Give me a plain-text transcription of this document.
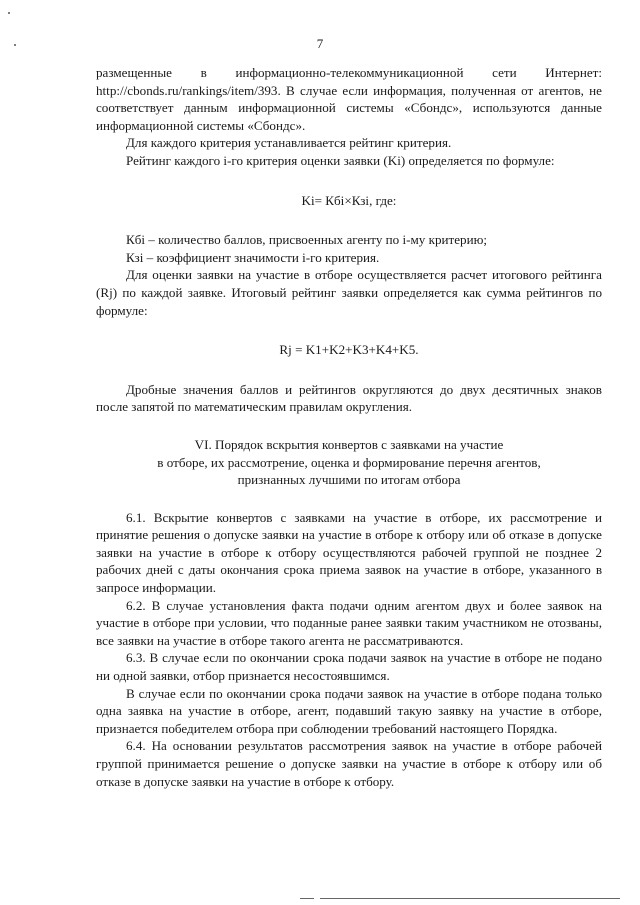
7

размещенные в информационно-телекоммуникационной сети Интернет: http://cbonds.ru/rankings/item/393. В случае если информация, полученная от агентов, не соответствует данным информационной системы «Сбондс», используются данные информационной системы «Сбондс».

Для каждого критерия устанавливается рейтинг критерия.

Рейтинг каждого i-го критерия оценки заявки (Ki) определяется по формуле:

Ki= Кбi×Кзi, где:

Кбi – количество баллов, присвоенных агенту по i-му критерию;

Кзi – коэффициент значимости i-го критерия.

Для оценки заявки на участие в отборе осуществляется расчет итогового рейтинга (Rj) по каждой заявке. Итоговый рейтинг заявки определяется как сумма рейтингов по формуле:

Rj = K1+K2+K3+K4+K5.

Дробные значения баллов и рейтингов округляются до двух десятичных знаков после запятой по математическим правилам округления.

VI. Порядок вскрытия конвертов с заявками на участие
в отборе, их рассмотрение, оценка и формирование перечня агентов,
признанных лучшими по итогам отбора

6.1. Вскрытие конвертов с заявками на участие в отборе, их рассмотрение и принятие решения о допуске заявки на участие в отборе к отбору или об отказе в допуске заявки на участие в отборе к отбору осуществляются рабочей группой не позднее 2 рабочих дней с даты окончания срока приема заявок на участие в отборе, указанного в запросе информации.

6.2. В случае установления факта подачи одним агентом двух и более заявок на участие в отборе при условии, что поданные ранее заявки таким участником не отозваны, все заявки на участие в отборе такого агента не рассматриваются.

6.3. В случае если по окончании срока подачи заявок на участие в отборе не подано ни одной заявки, отбор признается несостоявшимся.

В случае если по окончании срока подачи заявок на участие в отборе подана только одна заявка на участие в отборе, агент, подавший такую заявку на участие в отборе, признается победителем отбора при соблюдении требований настоящего Порядка.

6.4. На основании результатов рассмотрения заявок на участие в отборе рабочей группой принимается решение о допуске заявки на участие в отборе к отбору или об отказе в допуске заявки на участие в отборе к отбору.
